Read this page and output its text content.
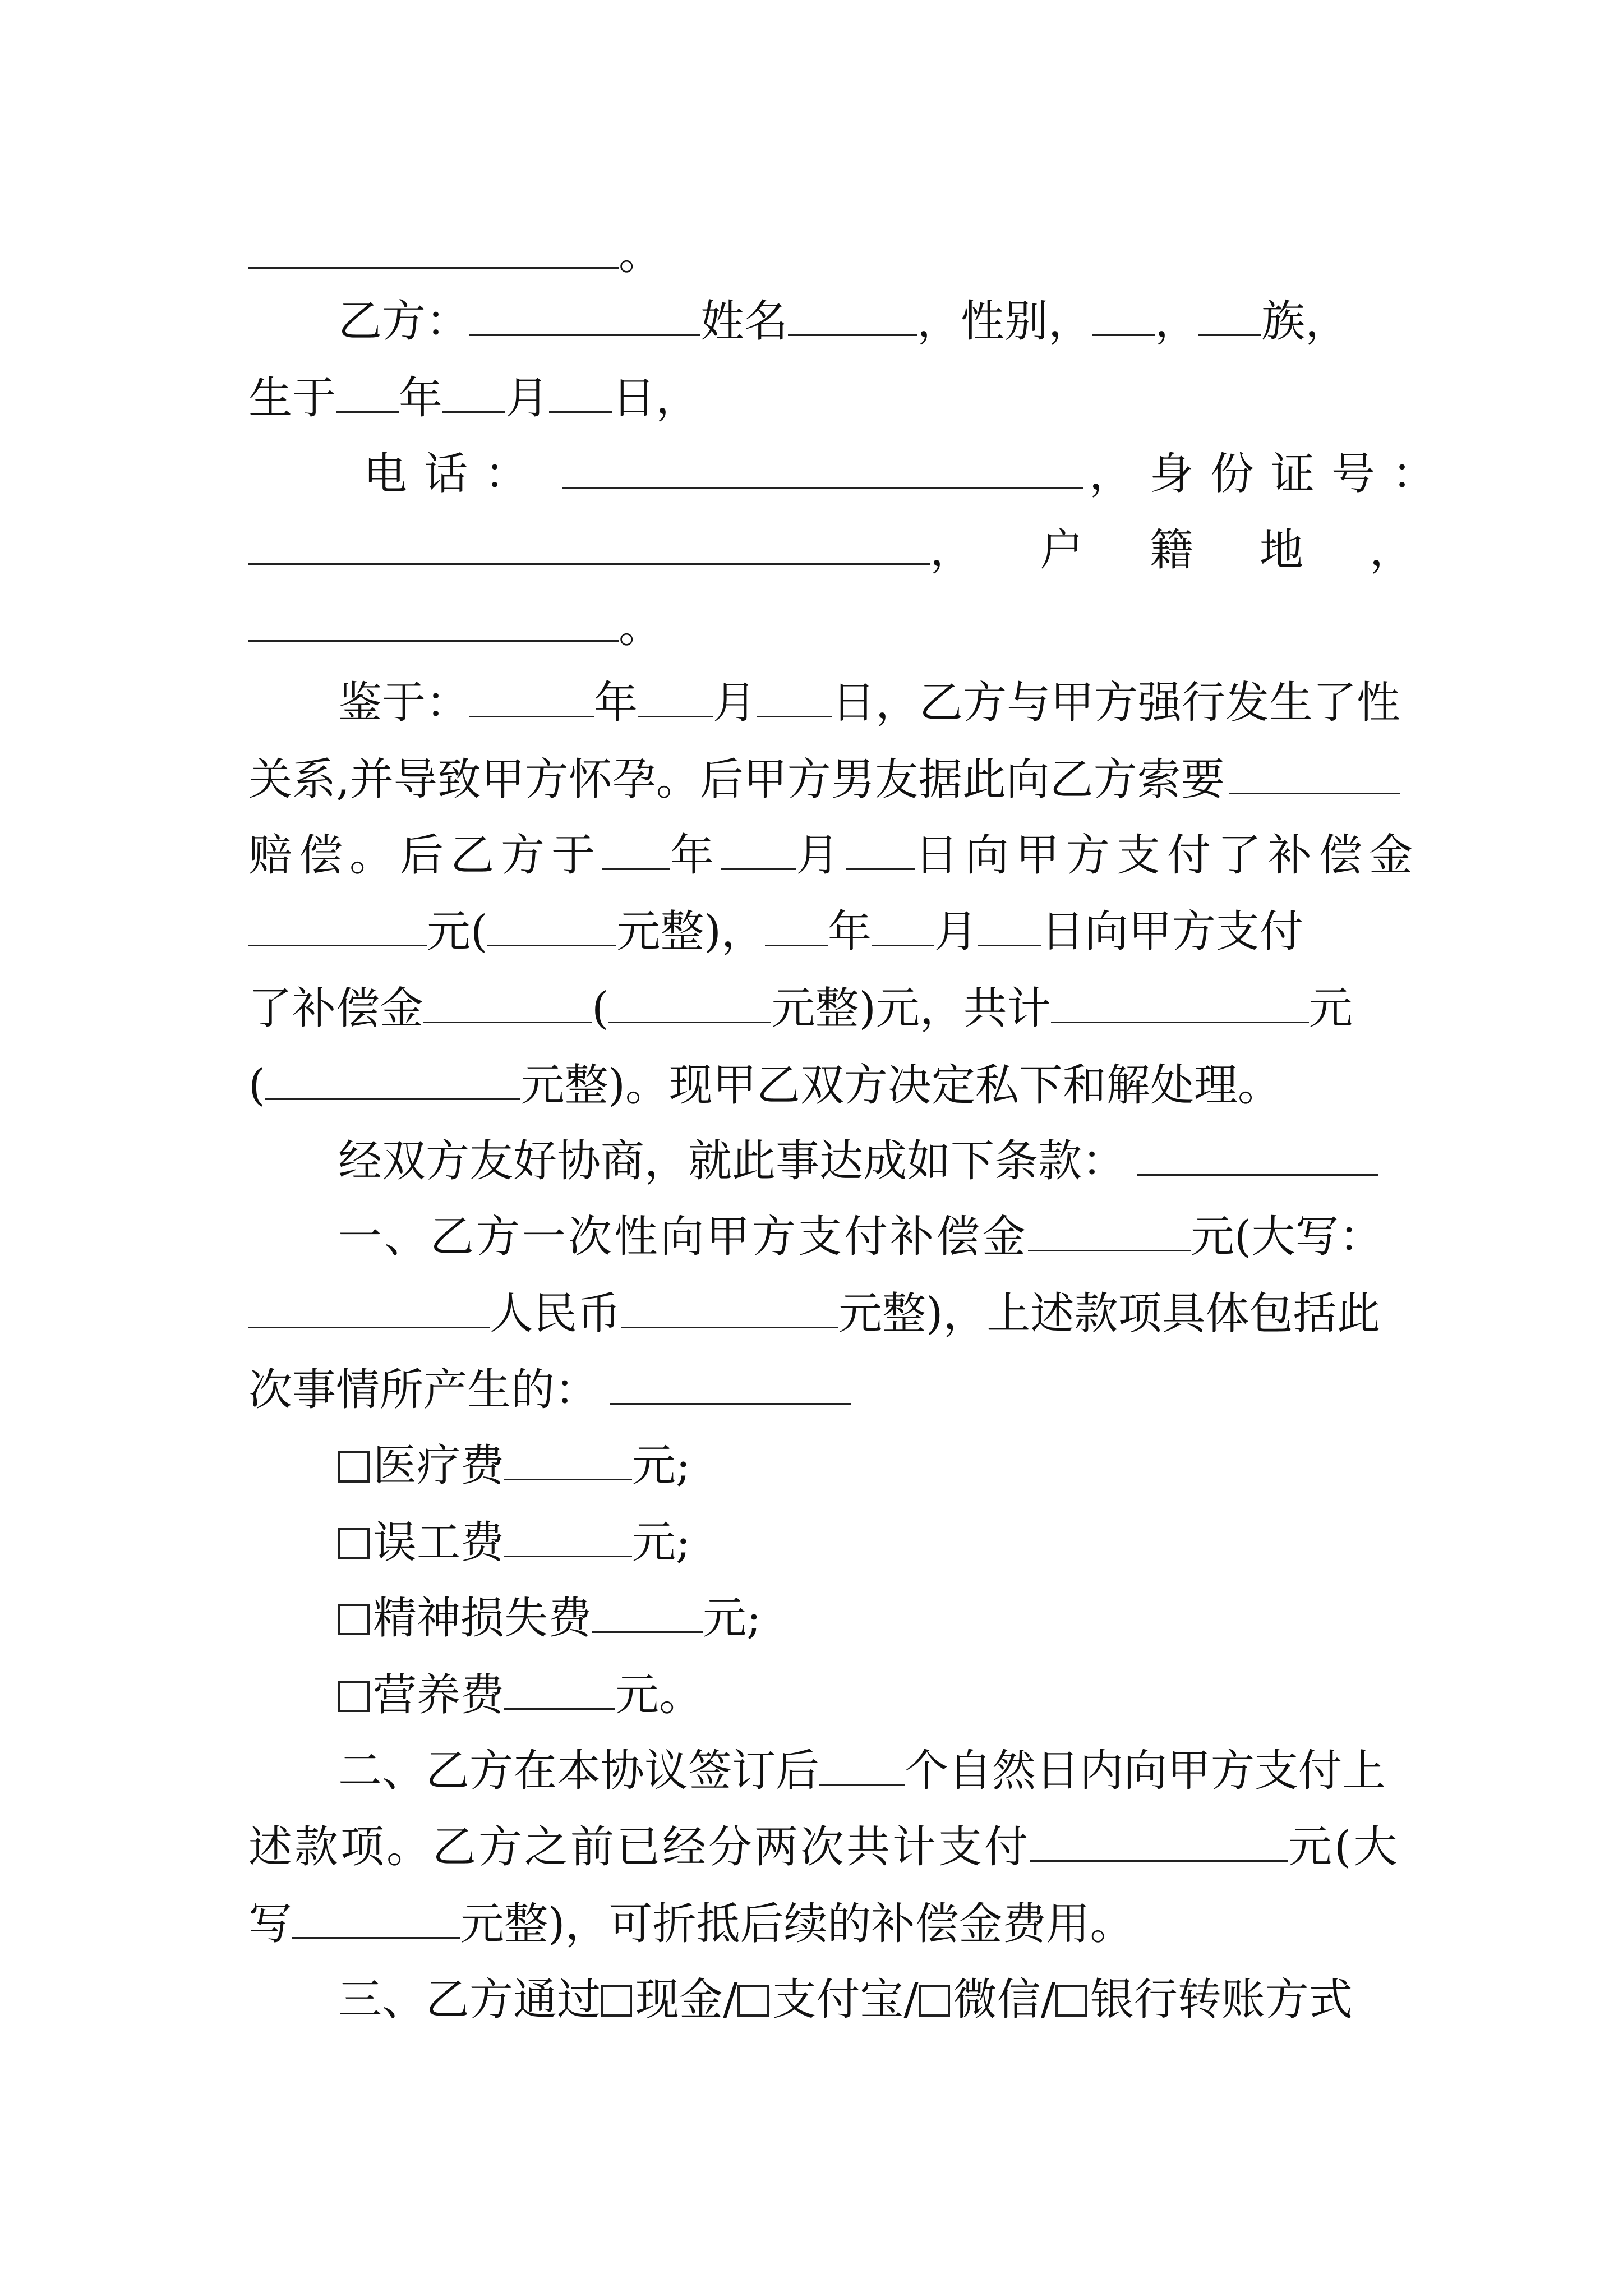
。
乙方：	姓名	，性别， ， 族，
生于 年 月 日，
电话：	，身份证号：
，户籍地，
。
鉴于：	年 月 日，乙方与甲方强行发生了性
关系,并导致甲方怀孕。后甲方男友据此向乙方索要
赔偿。后乙方于 年 月 日向甲方支付了补偿金
元(	元整)， 年 月 日向甲方支付
了补偿金	(	元整)元，共计	元
(	元整)。现甲乙双方决定私下和解处理。
经双方友好协商，就此事达成如下条款：
一、乙方一次性向甲方支付补偿金	元(大写：
人民币	元整)，上述款项具体包括此
次事情所产生的：
医疗费	元;
误工费	元;
精神损失费	元;
营养费	元。
二、乙方在本协议签订后 个自然日内向甲方支付上
述款项。乙方之前已经分两次共计支付	元(大
写	元整)，可折抵后续的补偿金费用。
三、乙方通过 现金/ 支付宝/ 微信/ 银行转账方式
